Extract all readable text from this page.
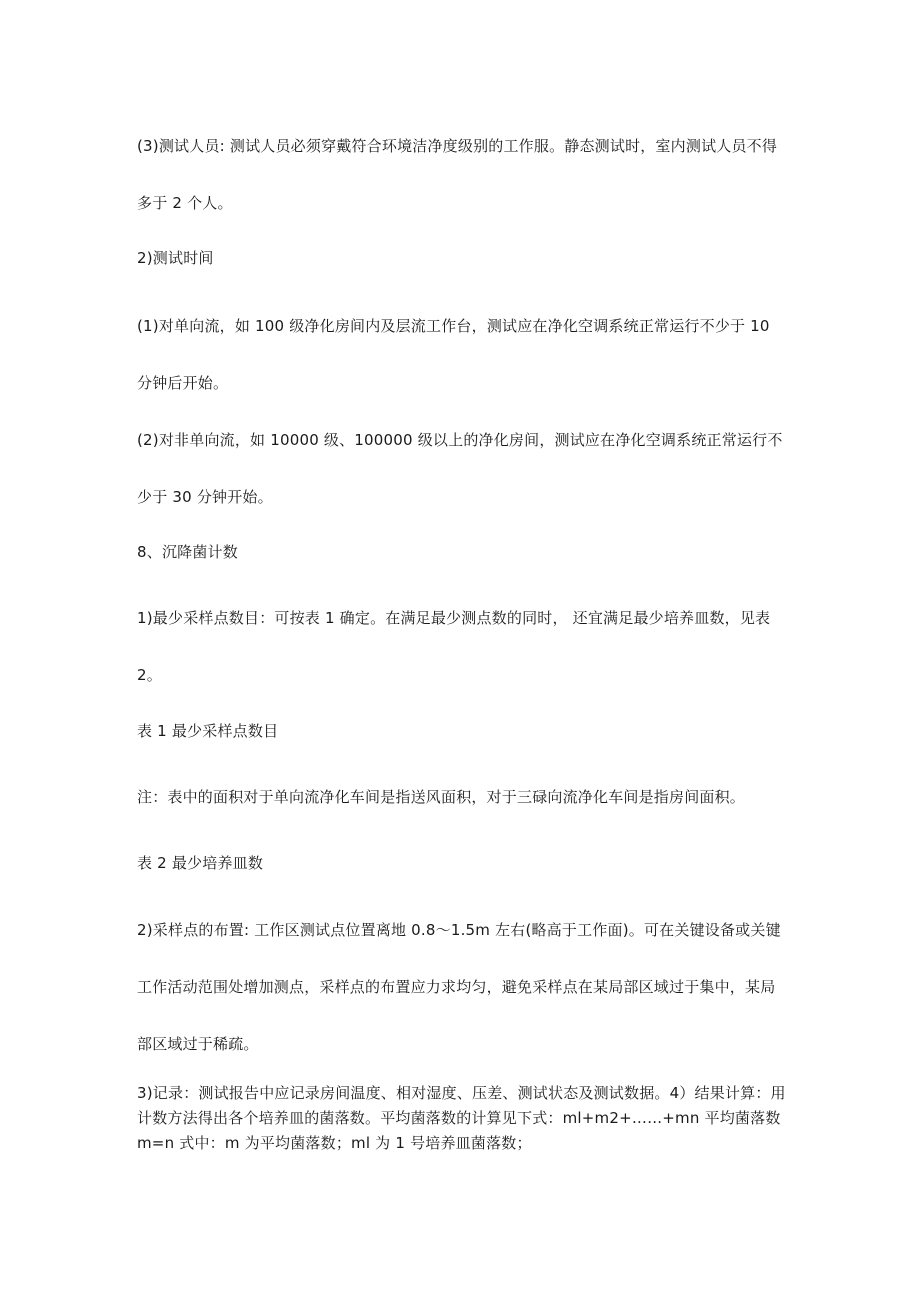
(3)测试人员: 测试人员必须穿戴符合环境洁净度级别的工作服。静态测试时，室内测试人员不得多于 2 个人。

2)测试时间

(1)对单向流，如 100 级净化房间内及层流工作台，测试应在净化空调系统正常运行不少于 10 分钟后开始。

(2)对非单向流，如 10000 级、100000 级以上的净化房间，测试应在净化空调系统正常运行不少于 30 分钟开始。

8、沉降菌计数

1)最少采样点数目：可按表 1 确定。在满足最少测点数的同时， 还宜满足最少培养皿数，见表 2。

表 1 最少采样点数目

注：表中的面积对于单向流净化车间是指送风面积，对于三碌向流净化车间是指房间面积。

表 2 最少培养皿数

2)采样点的布置: 工作区测试点位置离地 0.8～1.5m 左右(略高于工作面)。可在关键设备或关键工作活动范围处增加测点，采样点的布置应力求均匀，避免采样点在某局部区域过于集中，某局部区域过于稀疏。

3)记录：测试报告中应记录房间温度、相对湿度、压差、测试状态及测试数据。4）结果计算：用计数方法得出各个培养皿的菌落数。平均菌落数的计算见下式：ml+m2+……+mn 平均菌落数 m=n 式中：m 为平均菌落数；ml 为 1 号培养皿菌落数；
